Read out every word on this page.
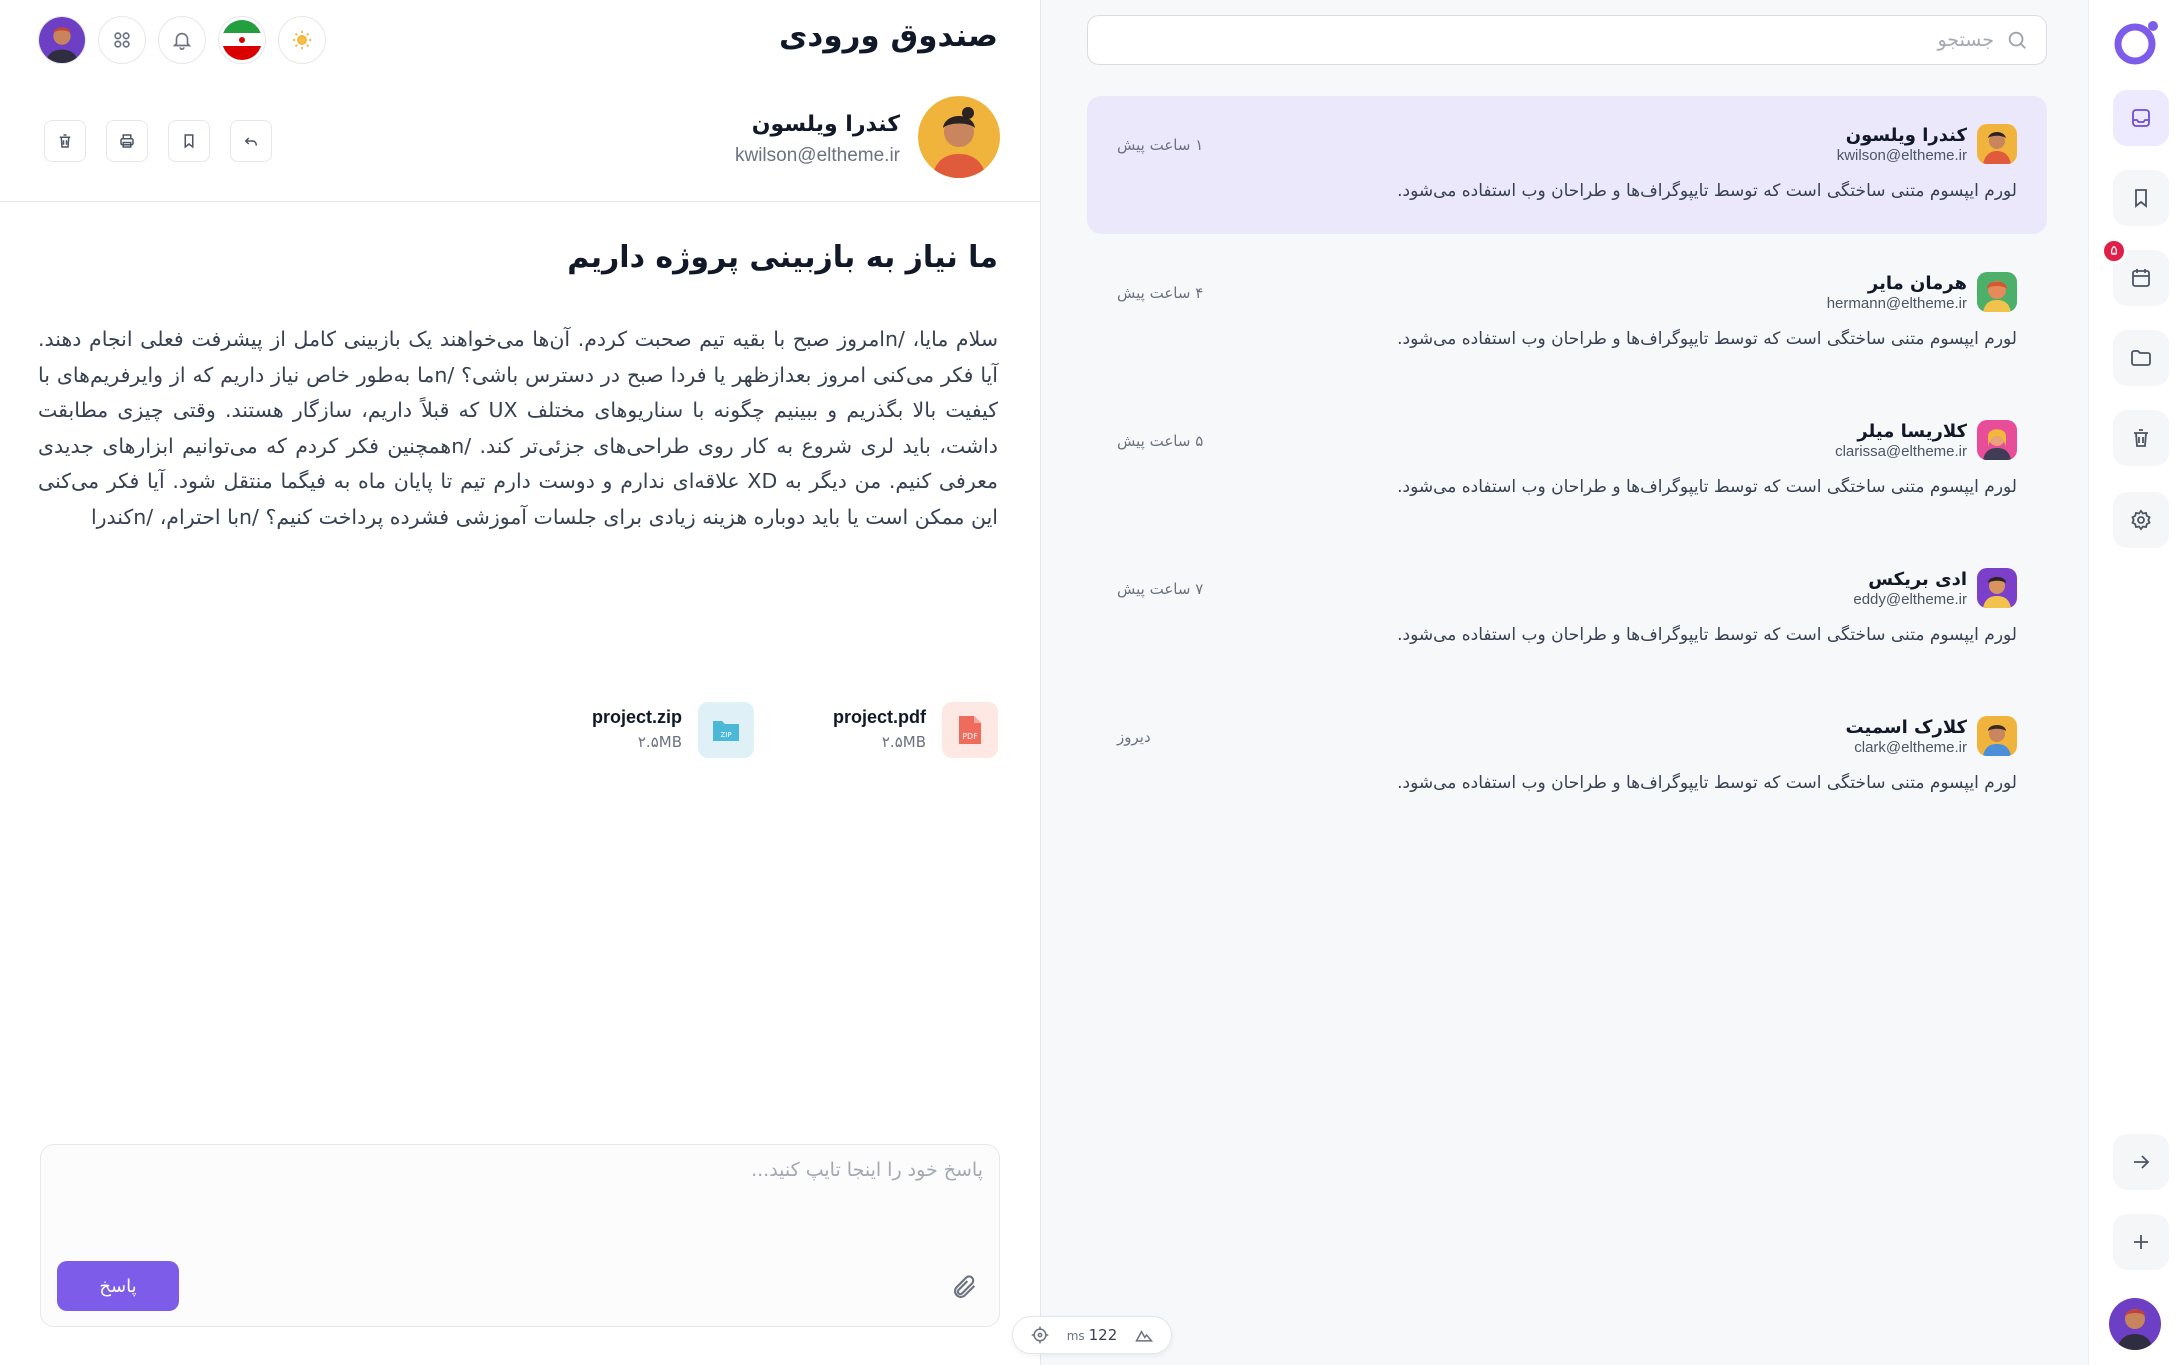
۵
جستجو
کندرا ویلسون
kwilson@eltheme.ir
۱ ساعت پیش
لورم ایپسوم متنی ساختگی است که توسط تایپوگراف‌ها و طراحان وب استفاده می‌شود.
هرمان مایر
hermann@eltheme.ir
۴ ساعت پیش
لورم ایپسوم متنی ساختگی است که توسط تایپوگراف‌ها و طراحان وب استفاده می‌شود.
کلاریسا میلر
clarissa@eltheme.ir
۵ ساعت پیش
لورم ایپسوم متنی ساختگی است که توسط تایپوگراف‌ها و طراحان وب استفاده می‌شود.
ادی بریکس
eddy@eltheme.ir
۷ ساعت پیش
لورم ایپسوم متنی ساختگی است که توسط تایپوگراف‌ها و طراحان وب استفاده می‌شود.
کلارک اسمیت
clark@eltheme.ir
دیروز
لورم ایپسوم متنی ساختگی است که توسط تایپوگراف‌ها و طراحان وب استفاده می‌شود.
صندوق ورودی
کندرا ویلسون
kwilson@eltheme.ir
ما نیاز به بازبینی پروژه داریم

سلام مایا، /nامروز صبح با بقیه تیم صحبت کردم. آن‌ها می‌خواهند یک بازبینی کامل از پیشرفت فعلی انجام دهند. آیا فکر می‌کنی امروز بعدازظهر یا فردا صبح در دسترس باشی؟ /nما به‌طور خاص نیاز داریم که از وایرفریم‌های با کیفیت بالا بگذریم و ببینیم چگونه با سناریوهای مختلف UX که قبلاً داریم، سازگار هستند. وقتی چیزی مطابقت داشت، باید لری شروع به کار روی طراحی‌های جزئی‌تر کند. /nهمچنین فکر کردم که می‌توانیم ابزارهای جدیدی معرفی کنیم. من دیگر به XD علاقه‌ای ندارم و دوست دارم تیم تا پایان ماه به فیگما منتقل شود. آیا فکر می‌کنی این ممکن است یا باید دوباره هزینه زیادی برای جلسات آموزشی فشرده پرداخت کنیم؟ /nبا احترام، /nکندرا

PDF
project.pdf
۲.۵MB
ZIP
project.zip
۲.۵MB
پاسخ خود را اینجا تایپ کنید...
پاسخ
ms 122
